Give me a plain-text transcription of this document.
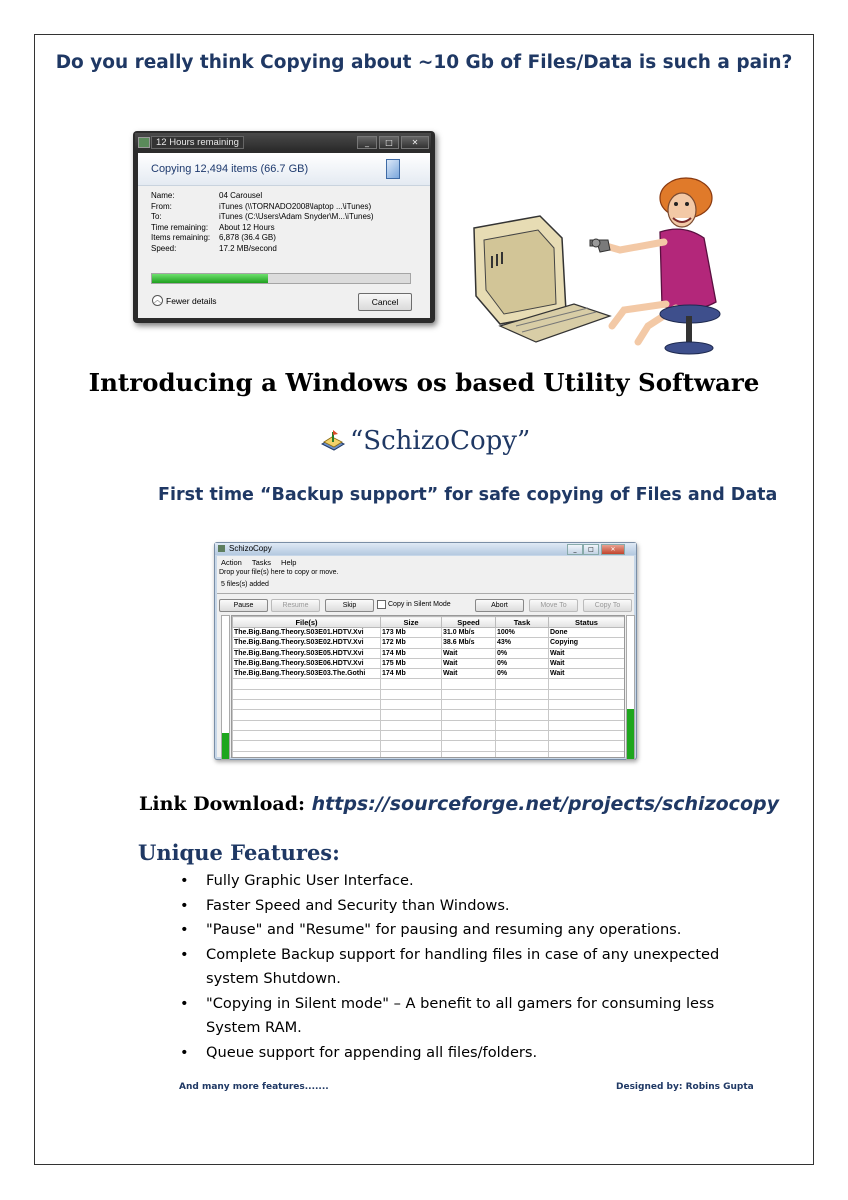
Do you really think Copying about ~10 Gb of Files/Data is such a pain?
12 Hours remaining	_	□	✕
Copying 12,494 items (66.7 GB)
Name:	04 Carousel
From:	iTunes (\\TORNADO2008\laptop ...\iTunes)
To:	iTunes (C:\Users\Adam Snyder\M...\iTunes)
Time remaining:	About 12 Hours
Items remaining:	6,878 (36.4 GB)
Speed:	17.2 MB/second
︿ Fewer details	Cancel
Introducing a Windows os based Utility Software
“SchizoCopy”
First time “Backup support” for safe copying of Files and Data
SchizoCopy	_	□	✕
Action Tasks Help
Drop your file(s) here to copy or move.
5 files(s) added
Pause	Resume	Skip	Copy in Silent Mode	Abort	Move To	Copy To
File(s)	Size	Speed	Task	Status
The.Big.Bang.Theory.S03E01.HDTV.Xvi	173 Mb	31.0 Mb/s	100%	Done
The.Big.Bang.Theory.S03E02.HDTV.Xvi	172 Mb	38.6 Mb/s	43%	Copying
The.Big.Bang.Theory.S03E05.HDTV.Xvi	174 Mb	Wait	0%	Wait
The.Big.Bang.Theory.S03E06.HDTV.Xvi	175 Mb	Wait	0%	Wait
The.Big.Bang.Theory.S03E03.The.Gothi	174 Mb	Wait	0%	Wait

Link Download: https://sourceforge.net/projects/schizocopy
Unique Features:
• Fully Graphic User Interface.
• Faster Speed and Security than Windows.
• "Pause" and "Resume" for pausing and resuming any operations.
• Complete Backup support for handling files in case of any unexpected system Shutdown.
• "Copying in Silent mode" – A benefit to all gamers for consuming less System RAM.
• Queue support for appending all files/folders.
And many more features.......	Designed by: Robins Gupta
